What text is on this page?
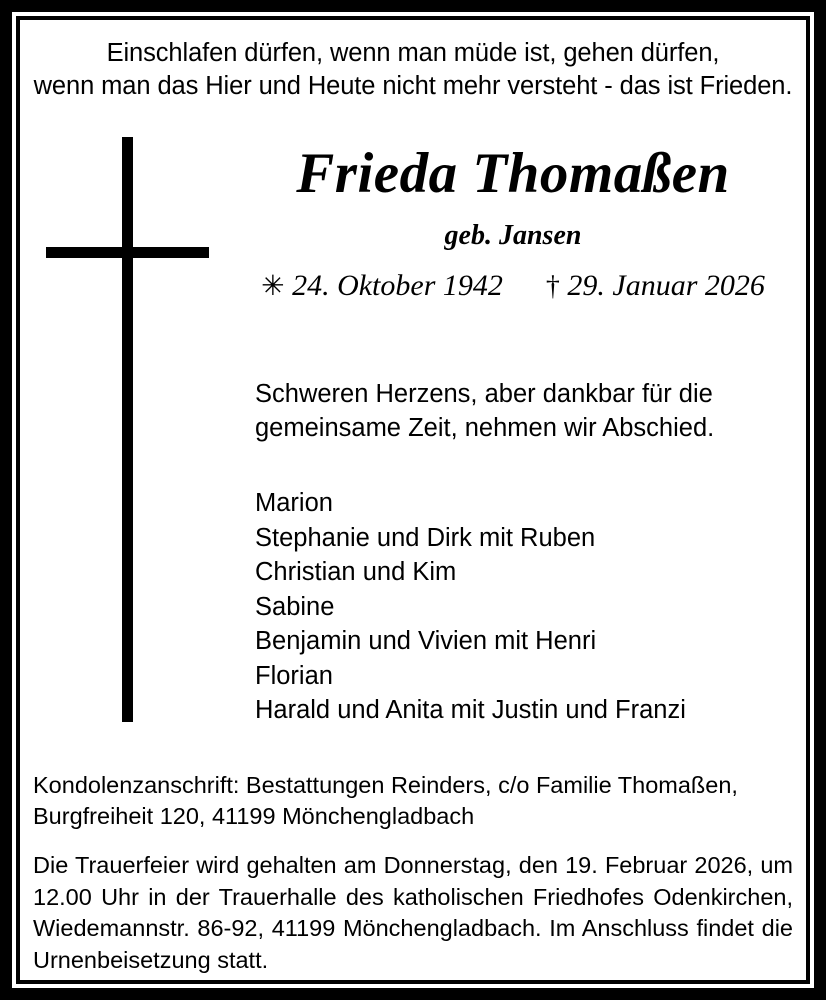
Einschlafen dürfen, wenn man müde ist, gehen dürfen,
wenn man das Hier und Heute nicht mehr versteht - das ist Frieden.
Frieda Thomaßen
geb. Jansen
✳ 24. Oktober 1942 † 29. Januar 2026
Schweren Herzens, aber dankbar für die
gemeinsame Zeit, nehmen wir Abschied.
Marion
Stephanie und Dirk mit Ruben
Christian und Kim
Sabine
Benjamin und Vivien mit Henri
Florian
Harald und Anita mit Justin und Franzi
Kondolenzanschrift: Bestattungen Reinders, c/o Familie Thomaßen,
Burgfreiheit 120, 41199 Mönchengladbach

Die Trauerfeier wird gehalten am Donnerstag, den 19. Februar 2026, um 12.00 Uhr in der Trauerhalle des katholischen Friedhofes Odenkirchen, Wiedemannstr. 86-92, 41199 Mönchengladbach. Im Anschluss findet die Urnenbeisetzung statt.
